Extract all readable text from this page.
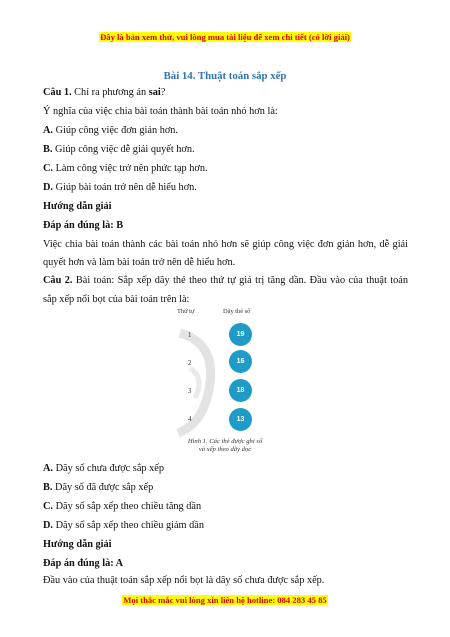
Đây là bản xem thử, vui lòng mua tài liệu để xem chi tiết (có lời giải)
Bài 14. Thuật toán sắp xếp
Câu 1. Chỉ ra phương án sai?
Ý nghĩa của việc chia bài toán thành bài toán nhỏ hơn là:
A. Giúp công việc đơn giản hơn.
B. Giúp công việc dễ giải quyết hơn.
C. Làm công việc trở nên phức tạp hơn.
D. Giúp bài toán trở nên dễ hiểu hơn.
Hướng dẫn giải
Đáp án đúng là: B
Việc chia bài toán thành các bài toán nhỏ hơn sẽ giúp công việc đơn giản hơn, dễ giải quyết hơn và làm bài toán trở nên dễ hiểu hơn.
Câu 2. Bài toán: Sắp xếp dãy thẻ theo thứ tự giá trị tăng dần. Đầu vào của thuật toán sắp xếp nổi bọt của bài toán trên là:
Thứ tự	Dãy thẻ số
1	19
2	16
3	18
4	13
Hình 1. Các thẻ được ghi số
và xếp theo dãy dọc
A. Dãy số chưa được sắp xếp
B. Dãy số đã được sắp xếp
C. Dãy số sắp xếp theo chiều tăng dần
D. Dãy số sắp xếp theo chiều giảm dần
Hướng dẫn giải
Đáp án đúng là: A
Đầu vào của thuật toán sắp xếp nổi bọt là dãy số chưa được sắp xếp.
Mọi thắc mắc vui lòng xin liên hệ hotline: 084 283 45 85
